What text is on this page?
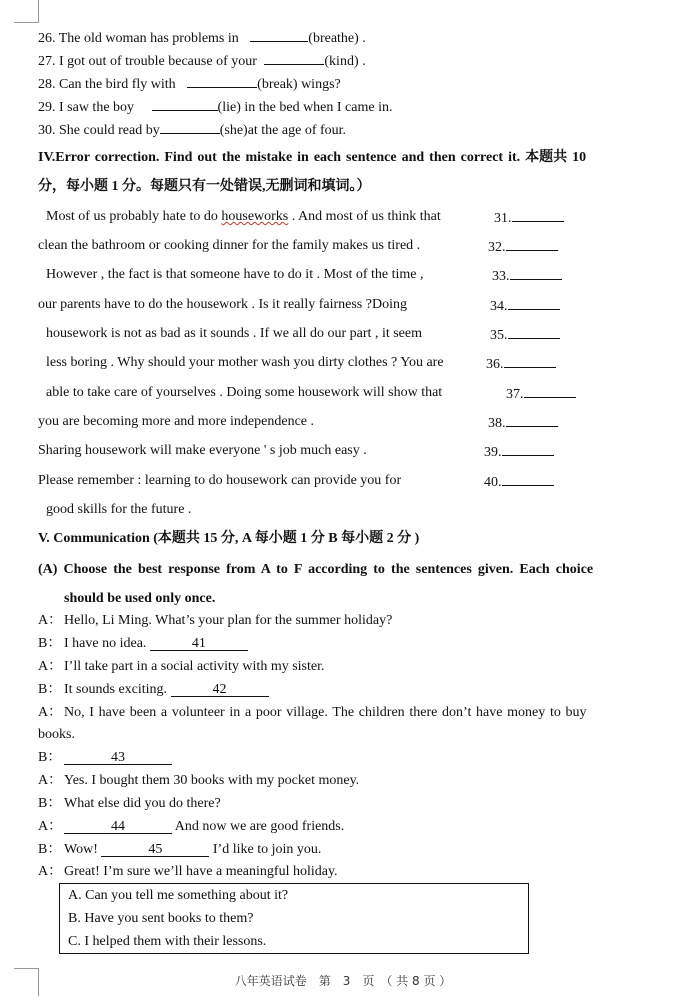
26. The old woman has problems in	(breathe) .
27. I got out of trouble because of your	(kind) .
28. Can the bird fly with	(break) wings?
29. I saw the boy	(lie) in the bed when I came in.
30. She could read by	(she)at the age of four.
IV.Error correction. Find out the mistake in each sentence and then correct it. 本题共 10
分，每小题 1 分。每题只有一处错误,无删词和填词。）
Most of us probably hate to do houseworks . And most of us think that	31.
clean the bathroom or cooking dinner for the family makes us tired .	32.
However , the fact is that someone have to do it . Most of the time ,	33.
our parents have to do the housework . Is it really fairness ?Doing	34.
housework is not as bad as it sounds . If we all do our part , it seem	35.
less boring . Why should your mother wash you dirty clothes ? You are	36.
able to take care of yourselves . Doing some housework will show that	37.
you are becoming more and more independence .	38.
Sharing housework will make everyone ' s job much easy .	39.
Please remember : learning to do housework can provide you for	40.
good skills for the future .
V. Communication (本题共 15 分, A 每小题 1 分 B 每小题 2 分 )
(A) Choose the best response from A to F according to the sentences given. Each choice
should be used only once.
A： Hello, Li Ming. What’s your plan for the summer holiday?
B： I have no idea.	41
A： I’ll take part in a social activity with my sister.
B： It sounds exciting.	42
A： No, I have been a volunteer in a poor village. The children there don’t have money to buy
books.
B：	43
A： Yes. I bought them 30 books with my pocket money.
B： What else did you do there?
A：	44	And now we are good friends.
B： Wow!	45	I’d like to join you.
A： Great! I’m sure we’ll have a meaningful holiday.
A. Can you tell me something about it?
B. Have you sent books to them?
C. I helped them with their lessons.
八年英语试卷　第　3　页　（ 共 8 页 ）
